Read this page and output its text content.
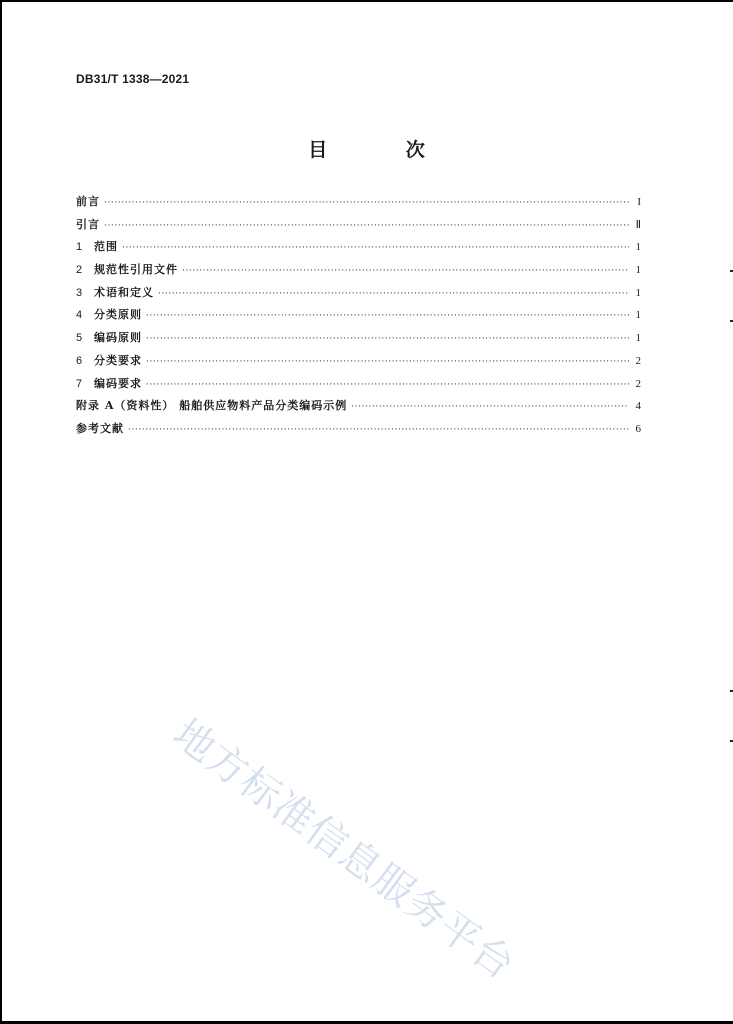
DB31/T 1338—2021
目 次
前言 ·····	I
引言 ·····	Ⅱ
1	范围 ·····	1
2	规范性引用文件 ·····	1
3	术语和定义 ·····	1
4	分类原则 ·····	1
5	编码原则 ·····	1
6	分类要求 ·····	2
7	编码要求 ·····	2
附录 A（资料性） 船舶供应物料产品分类编码示例 ·····	4
参考文献 ·····	6
地方标准信息服务平台
